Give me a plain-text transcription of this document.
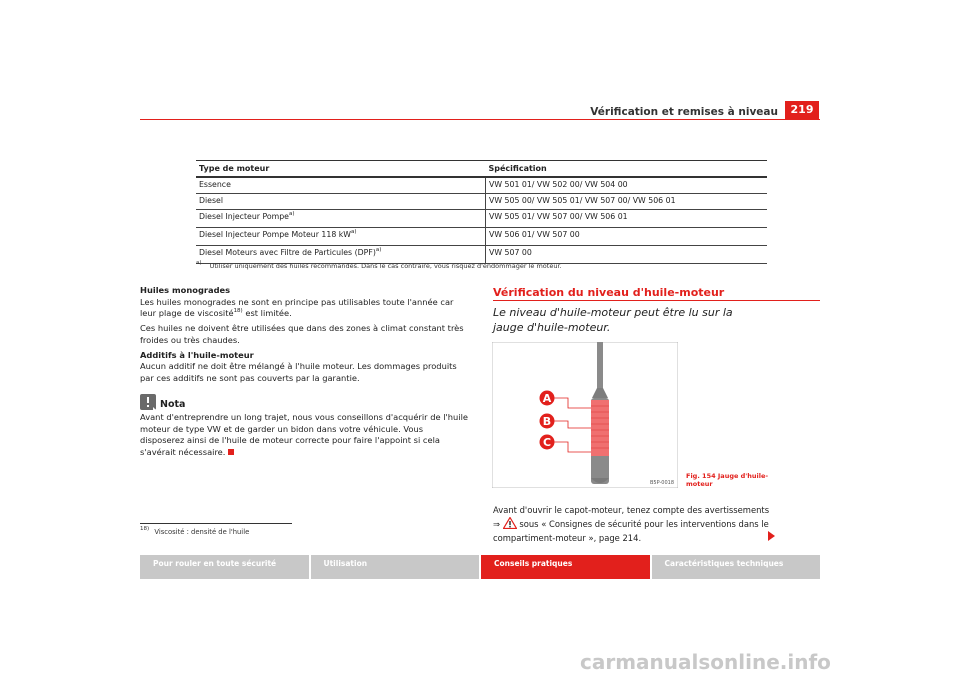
Vérification et remises à niveau	219
Type de moteur	Spécification
Essence	VW 501 01/ VW 502 00/ VW 504 00
Diesel	VW 505 00/ VW 505 01/ VW 507 00/ VW 506 01
Diesel Injecteur Pompe$^{a)}$	VW 505 01/ VW 507 00/ VW 506 01
Diesel Injecteur Pompe Moteur 118 $kW^{a)}$	VW 506 01/ VW 507 00
Diesel Moteurs avec Filtre de Particules (DPF)$^{a)}$	VW 507 00
$^{a)}$ Utiliser uniquement des huiles recommandés. Dans le cas contraire, vous risquez d'endommager le moteur.

Huiles monogrades

Les huiles monogrades ne sont en principe pas utilisables toute l'année car leur plage de viscosité$^{18)}$ est limitée.

Ces huiles ne doivent être utilisées que dans des zones à climat constant très froides ou très chaudes.

Additifs à l'huile-moteur

Aucun additif ne doit être mélangé à l'huile moteur. Les dommages produits par ces additifs ne sont pas couverts par la garantie.

Nota

Avant d'entreprendre un long trajet, nous vous conseillons d'acquérir de l'huile moteur de type VW et de garder un bidon dans votre véhicule. Vous disposerez ainsi de l'huile de moteur correcte pour faire l'appoint si cela s'avérait nécessaire.

$^{18)}$ Viscosité : densité de l'huile
Vérification du niveau d'huile-moteur
Le niveau d'huile-moteur peut être lu sur la jauge d'huile-moteur.
A
B
C
B5P-0018
Fig. 154 Jauge d'huile-moteur
Avant d'ouvrir le capot-moteur, tenez compte des avertissements
⇒  sous « Consignes de sécurité pour les interventions dans le compartiment-moteur », page 214.
Pour rouler en toute sécurité	Utilisation	Conseils pratiques	Caractéristiques techniques
carmanualsonline.info
